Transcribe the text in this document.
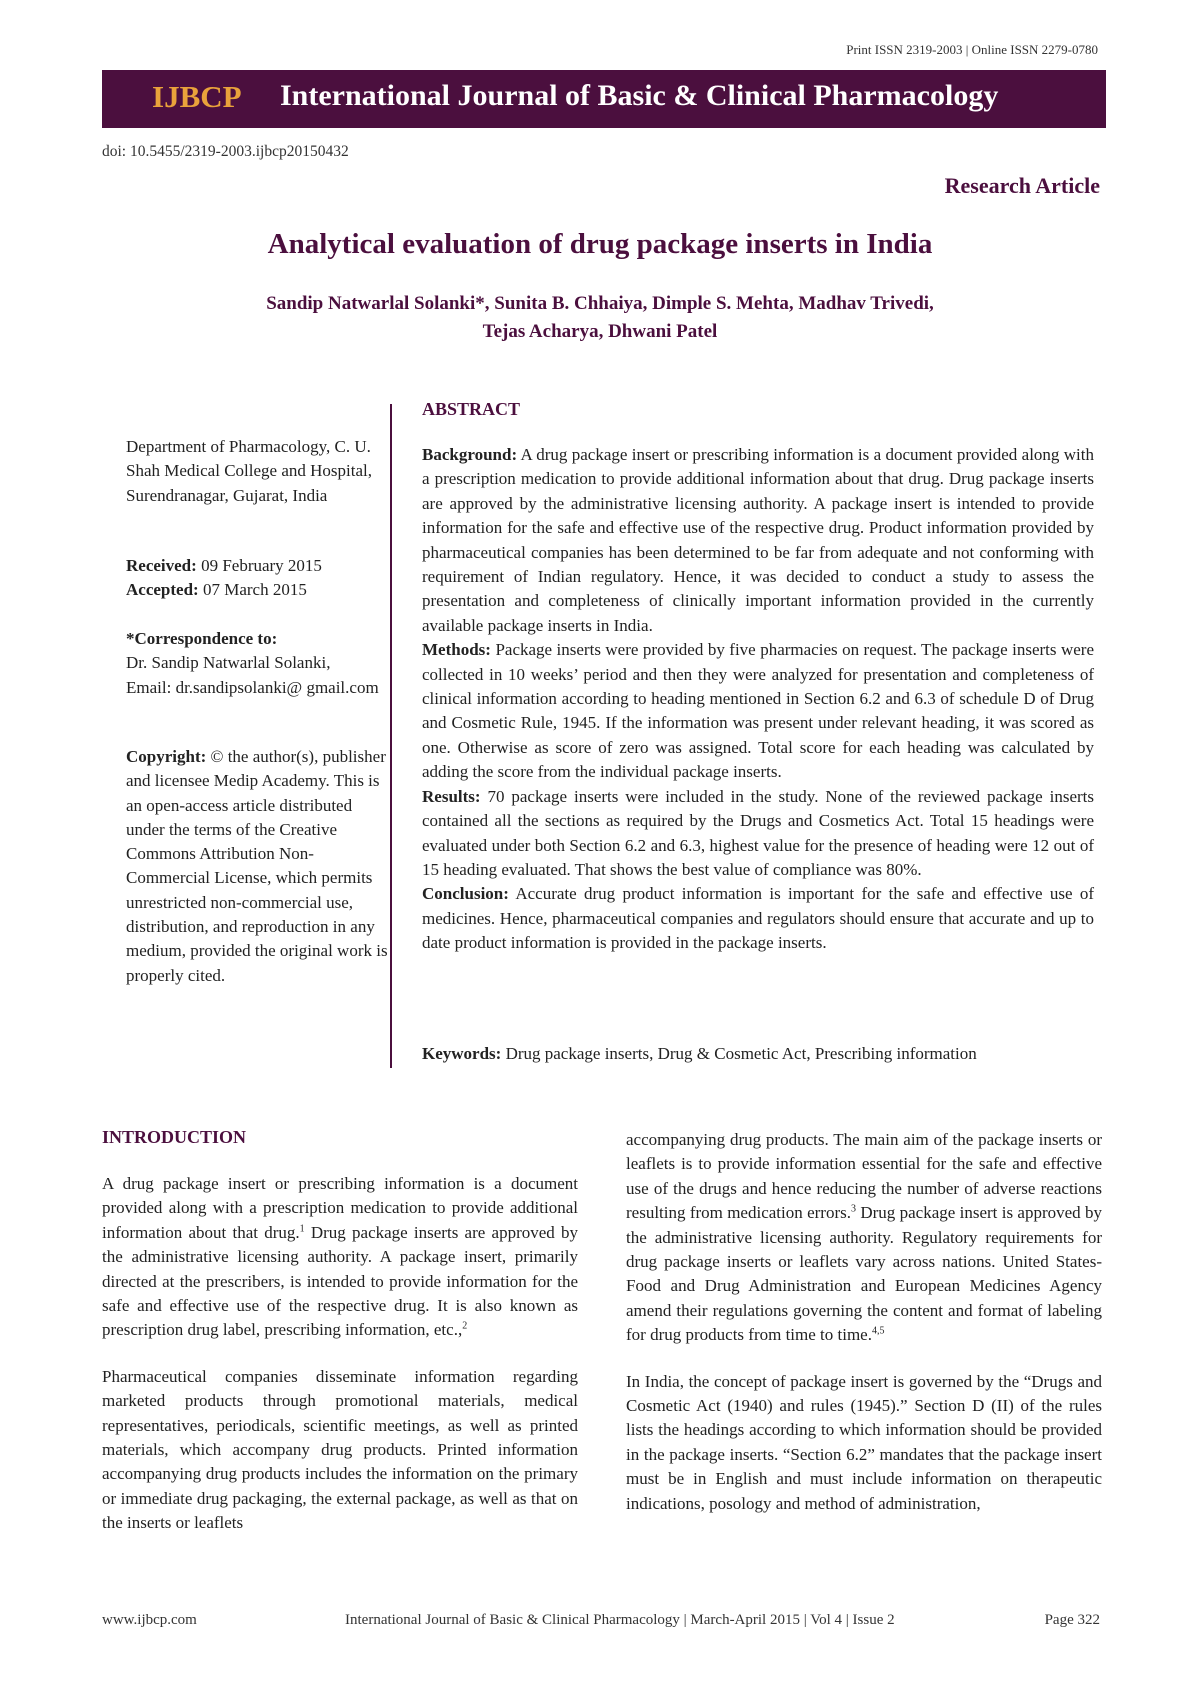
Print ISSN 2319-2003 | Online ISSN 2279-0780
IJBCP International Journal of Basic & Clinical Pharmacology
doi: 10.5455/2319-2003.ijbcp20150432
Research Article
Analytical evaluation of drug package inserts in India
Sandip Natwarlal Solanki*, Sunita B. Chhaiya, Dimple S. Mehta, Madhav Trivedi,
Tejas Acharya, Dhwani Patel
Department of Pharmacology, C. U. Shah Medical College and Hospital, Surendranagar, Gujarat, India
Received: 09 February 2015
Accepted: 07 March 2015
*Correspondence to:
Dr. Sandip Natwarlal Solanki,
Email: dr.sandipsolanki@ gmail.com
Copyright: © the author(s), publisher and licensee Medip Academy. This is an open-access article distributed under the terms of the Creative Commons Attribution Non-Commercial License, which permits unrestricted non-commercial use, distribution, and reproduction in any medium, provided the original work is properly cited.
ABSTRACT

Background: A drug package insert or prescribing information is a document provided along with a prescription medication to provide additional information about that drug. Drug package inserts are approved by the administrative licensing authority. A package insert is intended to provide information for the safe and effective use of the respective drug. Product information provided by pharmaceutical companies has been determined to be far from adequate and not conforming with requirement of Indian regulatory. Hence, it was decided to conduct a study to assess the presentation and completeness of clinically important information provided in the currently available package inserts in India.

Methods: Package inserts were provided by five pharmacies on request. The package inserts were collected in 10 weeks’ period and then they were analyzed for presentation and completeness of clinical information according to heading mentioned in Section 6.2 and 6.3 of schedule D of Drug and Cosmetic Rule, 1945. If the information was present under relevant heading, it was scored as one. Otherwise as score of zero was assigned. Total score for each heading was calculated by adding the score from the individual package inserts.

Results: 70 package inserts were included in the study. None of the reviewed package inserts contained all the sections as required by the Drugs and Cosmetics Act. Total 15 headings were evaluated under both Section 6.2 and 6.3, highest value for the presence of heading were 12 out of 15 heading evaluated. That shows the best value of compliance was 80%.

Conclusion: Accurate drug product information is important for the safe and effective use of medicines. Hence, pharmaceutical companies and regulators should ensure that accurate and up to date product information is provided in the package inserts.

Keywords: Drug package inserts, Drug & Cosmetic Act, Prescribing information
INTRODUCTION

A drug package insert or prescribing information is a document provided along with a prescription medication to provide additional information about that drug.$^1$ Drug package inserts are approved by the administrative licensing authority. A package insert, primarily directed at the prescribers, is intended to provide information for the safe and effective use of the respective drug. It is also known as prescription drug label, prescribing information, etc.,$^2$

Pharmaceutical companies disseminate information regarding marketed products through promotional materials, medical representatives, periodicals, scientific meetings, as well as printed materials, which accompany drug products. Printed information accompanying drug products includes the information on the primary or immediate drug packaging, the external package, as well as that on the inserts or leaflets

accompanying drug products. The main aim of the package inserts or leaflets is to provide information essential for the safe and effective use of the drugs and hence reducing the number of adverse reactions resulting from medication errors.$^3$ Drug package insert is approved by the administrative licensing authority. Regulatory requirements for drug package inserts or leaflets vary across nations. United States-Food and Drug Administration and European Medicines Agency amend their regulations governing the content and format of labeling for drug products from time to time.$^{4,5}$

In India, the concept of package insert is governed by the “Drugs and Cosmetic Act (1940) and rules (1945).” Section D (II) of the rules lists the headings according to which information should be provided in the package inserts. “Section 6.2” mandates that the package insert must be in English and must include information on therapeutic indications, posology and method of administration,

www.ijbcp.com	International Journal of Basic & Clinical Pharmacology | March-April 2015 | Vol 4 | Issue 2	Page 322
